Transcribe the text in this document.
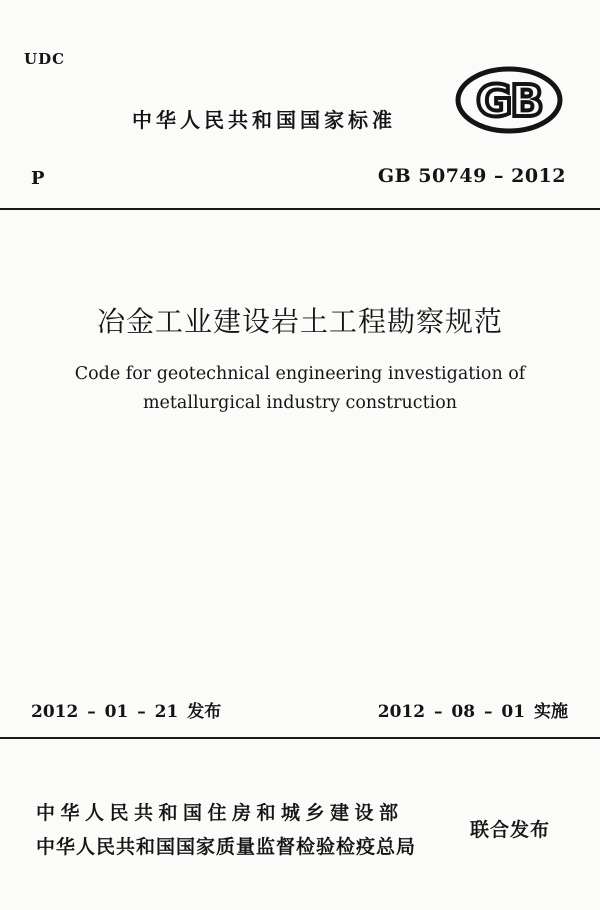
UDC
中华人民共和国国家标准 GB
P	GB 50749 – 2012
冶金工业建设岩土工程勘察规范
Code for geotechnical engineering investigation of
metallurgical industry construction
2012 – 01 – 21 发布	2012 – 08 – 01 实施
中华人民共和国住房和城乡建设部
中华人民共和国国家质量监督检验检疫总局
联合发布
